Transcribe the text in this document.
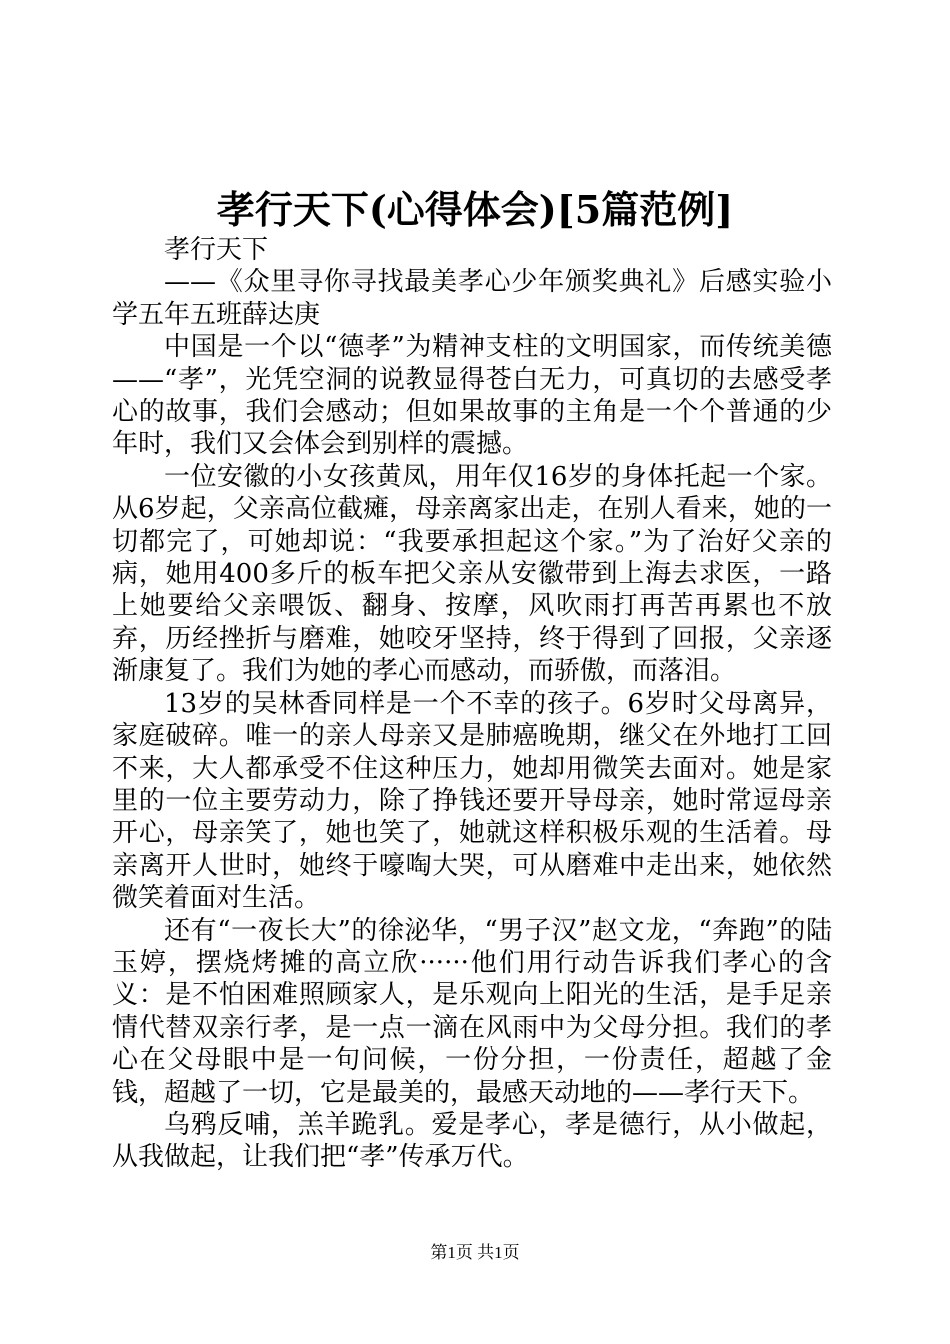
孝行天下(心得体会)[5篇范例]

孝行天下

——《众里寻你寻找最美孝心少年颁奖典礼》后感实验小学五年五班薛达庚

中国是一个以“德孝”为精神支柱的文明国家，而传统美德——“孝”，光凭空洞的说教显得苍白无力，可真切的去感受孝心的故事，我们会感动；但如果故事的主角是一个个普通的少年时，我们又会体会到别样的震撼。

一位安徽的小女孩黄凤，用年仅16岁的身体托起一个家。从6岁起，父亲高位截瘫，母亲离家出走，在别人看来，她的一切都完了，可她却说：“我要承担起这个家。”为了治好父亲的病，她用400多斤的板车把父亲从安徽带到上海去求医，一路上她要给父亲喂饭、翻身、按摩，风吹雨打再苦再累也不放弃，历经挫折与磨难，她咬牙坚持，终于得到了回报，父亲逐渐康复了。我们为她的孝心而感动，而骄傲，而落泪。

13岁的吴林香同样是一个不幸的孩子。6岁时父母离异，家庭破碎。唯一的亲人母亲又是肺癌晚期，继父在外地打工回不来，大人都承受不住这种压力，她却用微笑去面对。她是家里的一位主要劳动力，除了挣钱还要开导母亲，她时常逗母亲开心，母亲笑了，她也笑了，她就这样积极乐观的生活着。母亲离开人世时，她终于嚎啕大哭，可从磨难中走出来，她依然微笑着面对生活。

还有“一夜长大”的徐泌华，“男子汉”赵文龙，“奔跑”的陆玉婷，摆烧烤摊的高立欣······他们用行动告诉我们孝心的含义：是不怕困难照顾家人，是乐观向上阳光的生活，是手足亲情代替双亲行孝，是一点一滴在风雨中为父母分担。我们的孝心在父母眼中是一句问候，一份分担，一份责任，超越了金钱，超越了一切，它是最美的，最感天动地的——孝行天下。

乌鸦反哺，羔羊跪乳。爱是孝心，孝是德行，从小做起，从我做起，让我们把“孝”传承万代。

第1页 共1页
